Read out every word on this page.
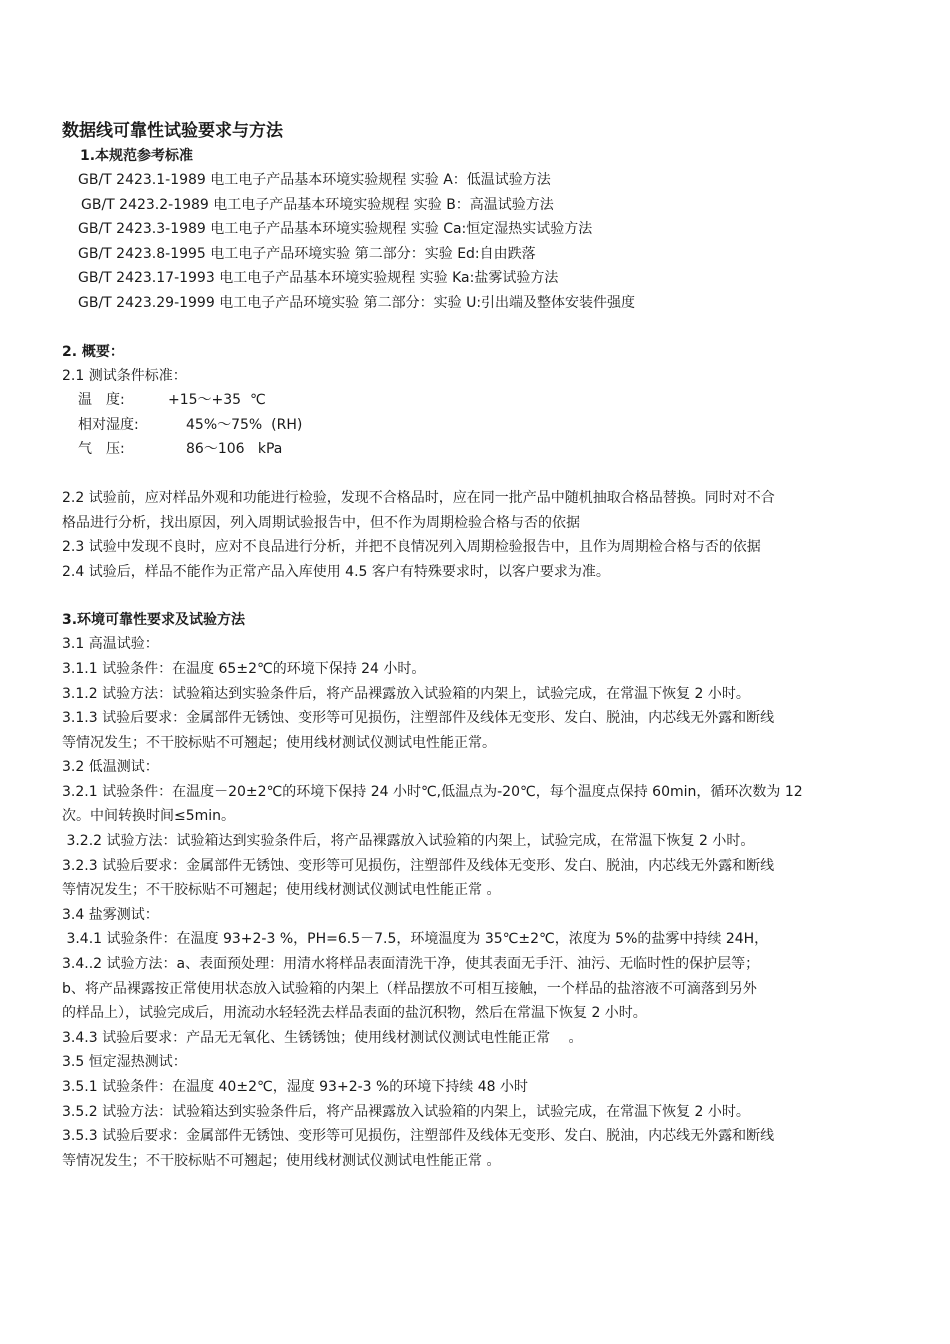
数据线可靠性试验要求与方法
1.本规范参考标准
GB/T 2423.1-1989 电工电子产品基本环境实验规程 实验 A：低温试验方法
GB/T 2423.2-1989 电工电子产品基本环境实验规程 实验 B：高温试验方法
GB/T 2423.3-1989 电工电子产品基本环境实验规程 实验 Ca:恒定湿热实试验方法
GB/T 2423.8-1995 电工电子产品环境实验 第二部分：实验 Ed:自由跌落
GB/T 2423.17-1993 电工电子产品基本环境实验规程 实验 Ka:盐雾试验方法
GB/T 2423.29-1999 电工电子产品环境实验 第二部分：实验 U:引出端及整体安装件强度
2. 概要：
2.1 测试条件标准：
温　度:	+15～+35  ℃
相对湿度:	45%～75%  (RH)
气　压:	86～106   kPa
2.2 试验前，应对样品外观和功能进行检验，发现不合格品时，应在同一批产品中随机抽取合格品替换。同时对不合
格品进行分析，找出原因，列入周期试验报告中，但不作为周期检验合格与否的依据
2.3 试验中发现不良时，应对不良品进行分析，并把不良情况列入周期检验报告中，且作为周期检合格与否的依据
2.4 试验后，样品不能作为正常产品入库使用 4.5 客户有特殊要求时，以客户要求为准。
3.环境可靠性要求及试验方法
3.1 高温试验：
3.1.1 试验条件：在温度 65±2℃的环境下保持 24 小时。
3.1.2 试验方法：试验箱达到实验条件后，将产品裸露放入试验箱的内架上，试验完成，在常温下恢复 2 小时。
3.1.3 试验后要求：金属部件无锈蚀、变形等可见损伤，注塑部件及线体无变形、发白、脱油，内芯线无外露和断线
等情况发生；不干胶标贴不可翘起；使用线材测试仪测试电性能正常。
3.2 低温测试：
3.2.1 试验条件：在温度－20±2℃的环境下保持 24 小时℃,低温点为-20℃，每个温度点保持 60min，循环次数为 12
次。中间转换时间≤5min。
3.2.2 试验方法：试验箱达到实验条件后，将产品裸露放入试验箱的内架上，试验完成，在常温下恢复 2 小时。
3.2.3 试验后要求：金属部件无锈蚀、变形等可见损伤，注塑部件及线体无变形、发白、脱油，内芯线无外露和断线
等情况发生；不干胶标贴不可翘起；使用线材测试仪测试电性能正常 。
3.4 盐雾测试：
3.4.1 试验条件：在温度 93+2-3 %，PH=6.5－7.5，环境温度为 35℃±2℃，浓度为 5%的盐雾中持续 24H，
3.4..2 试验方法：a、表面预处理：用清水将样品表面清洗干净，使其表面无手汗、油污、无临时性的保护层等；
b、将产品裸露按正常使用状态放入试验箱的内架上（样品摆放不可相互接触，一个样品的盐溶液不可滴落到另外
的样品上），试验完成后，用流动水轻轻洗去样品表面的盐沉积物，然后在常温下恢复 2 小时。
3.4.3 试验后要求：产品无无氧化、生锈锈蚀；使用线材测试仪测试电性能正常　 。
3.5 恒定湿热测试：
3.5.1 试验条件：在温度 40±2℃，湿度 93+2-3 %的环境下持续 48 小时
3.5.2 试验方法：试验箱达到实验条件后，将产品裸露放入试验箱的内架上，试验完成，在常温下恢复 2 小时。
3.5.3 试验后要求：金属部件无锈蚀、变形等可见损伤，注塑部件及线体无变形、发白、脱油，内芯线无外露和断线
等情况发生；不干胶标贴不可翘起；使用线材测试仪测试电性能正常 。
